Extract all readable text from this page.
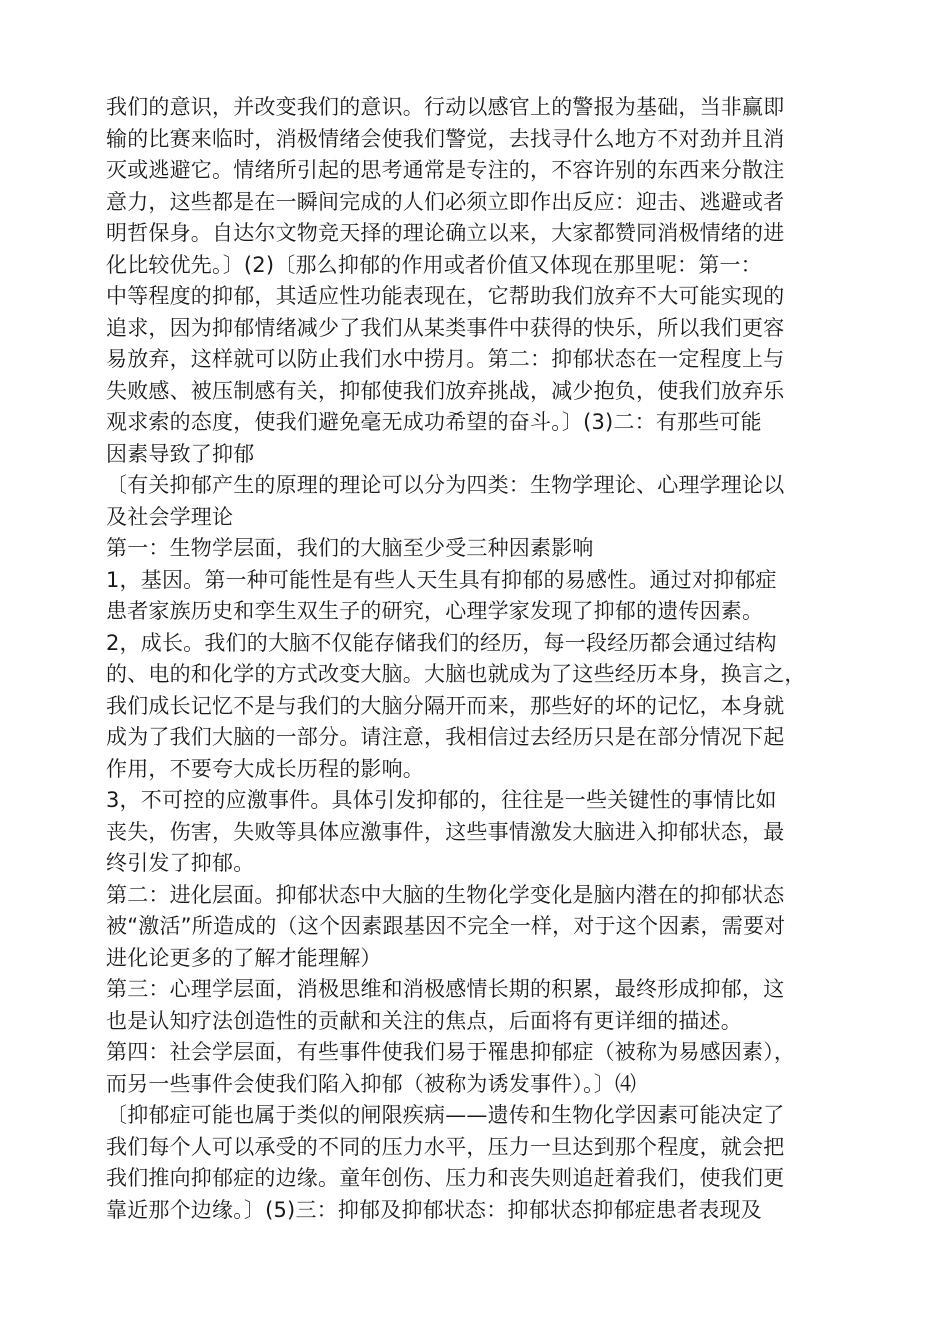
我们的意识，并改变我们的意识。行动以感官上的警报为基础，当非赢即
输的比赛来临时，消极情绪会使我们警觉，去找寻什么地方不对劲并且消
灭或逃避它。情绪所引起的思考通常是专注的，不容许别的东西来分散注
意力，这些都是在一瞬间完成的人们必须立即作出反应：迎击、逃避或者
明哲保身。自达尔文物竞天择的理论确立以来，大家都赞同消极情绪的进
化比较优先。〕(2)〔那么抑郁的作用或者价值又体现在那里呢：第一：
中等程度的抑郁，其适应性功能表现在，它帮助我们放弃不大可能实现的
追求，因为抑郁情绪减少了我们从某类事件中获得的快乐，所以我们更容
易放弃，这样就可以防止我们水中捞月。第二：抑郁状态在一定程度上与
失败感、被压制感有关，抑郁使我们放弃挑战，减少抱负，使我们放弃乐
观求索的态度，使我们避免毫无成功希望的奋斗。〕(3)二：有那些可能
因素导致了抑郁
〔有关抑郁产生的原理的理论可以分为四类：生物学理论、心理学理论以
及社会学理论
第一：生物学层面，我们的大脑至少受三种因素影响
1，基因。第一种可能性是有些人天生具有抑郁的易感性。通过对抑郁症
患者家族历史和孪生双生子的研究，心理学家发现了抑郁的遗传因素。
2，成长。我们的大脑不仅能存储我们的经历，每一段经历都会通过结构
的、电的和化学的方式改变大脑。大脑也就成为了这些经历本身，换言之，
我们成长记忆不是与我们的大脑分隔开而来，那些好的坏的记忆，本身就
成为了我们大脑的一部分。请注意，我相信过去经历只是在部分情况下起
作用，不要夸大成长历程的影响。
3，不可控的应激事件。具体引发抑郁的，往往是一些关键性的事情比如
丧失，伤害，失败等具体应激事件，这些事情激发大脑进入抑郁状态，最
终引发了抑郁。
第二：进化层面。抑郁状态中大脑的生物化学变化是脑内潜在的抑郁状态
被“激活”所造成的（这个因素跟基因不完全一样，对于这个因素，需要对
进化论更多的了解才能理解）
第三：心理学层面，消极思维和消极感情长期的积累，最终形成抑郁，这
也是认知疗法创造性的贡献和关注的焦点，后面将有更详细的描述。
第四：社会学层面，有些事件使我们易于罹患抑郁症（被称为易感因素），
而另一些事件会使我们陷入抑郁（被称为诱发事件）。〕⑷
〔抑郁症可能也属于类似的闸限疾病——遗传和生物化学因素可能决定了
我们每个人可以承受的不同的压力水平，压力一旦达到那个程度，就会把
我们推向抑郁症的边缘。童年创伤、压力和丧失则追赶着我们，使我们更
靠近那个边缘。〕(5)三：抑郁及抑郁状态：抑郁状态抑郁症患者表现及
